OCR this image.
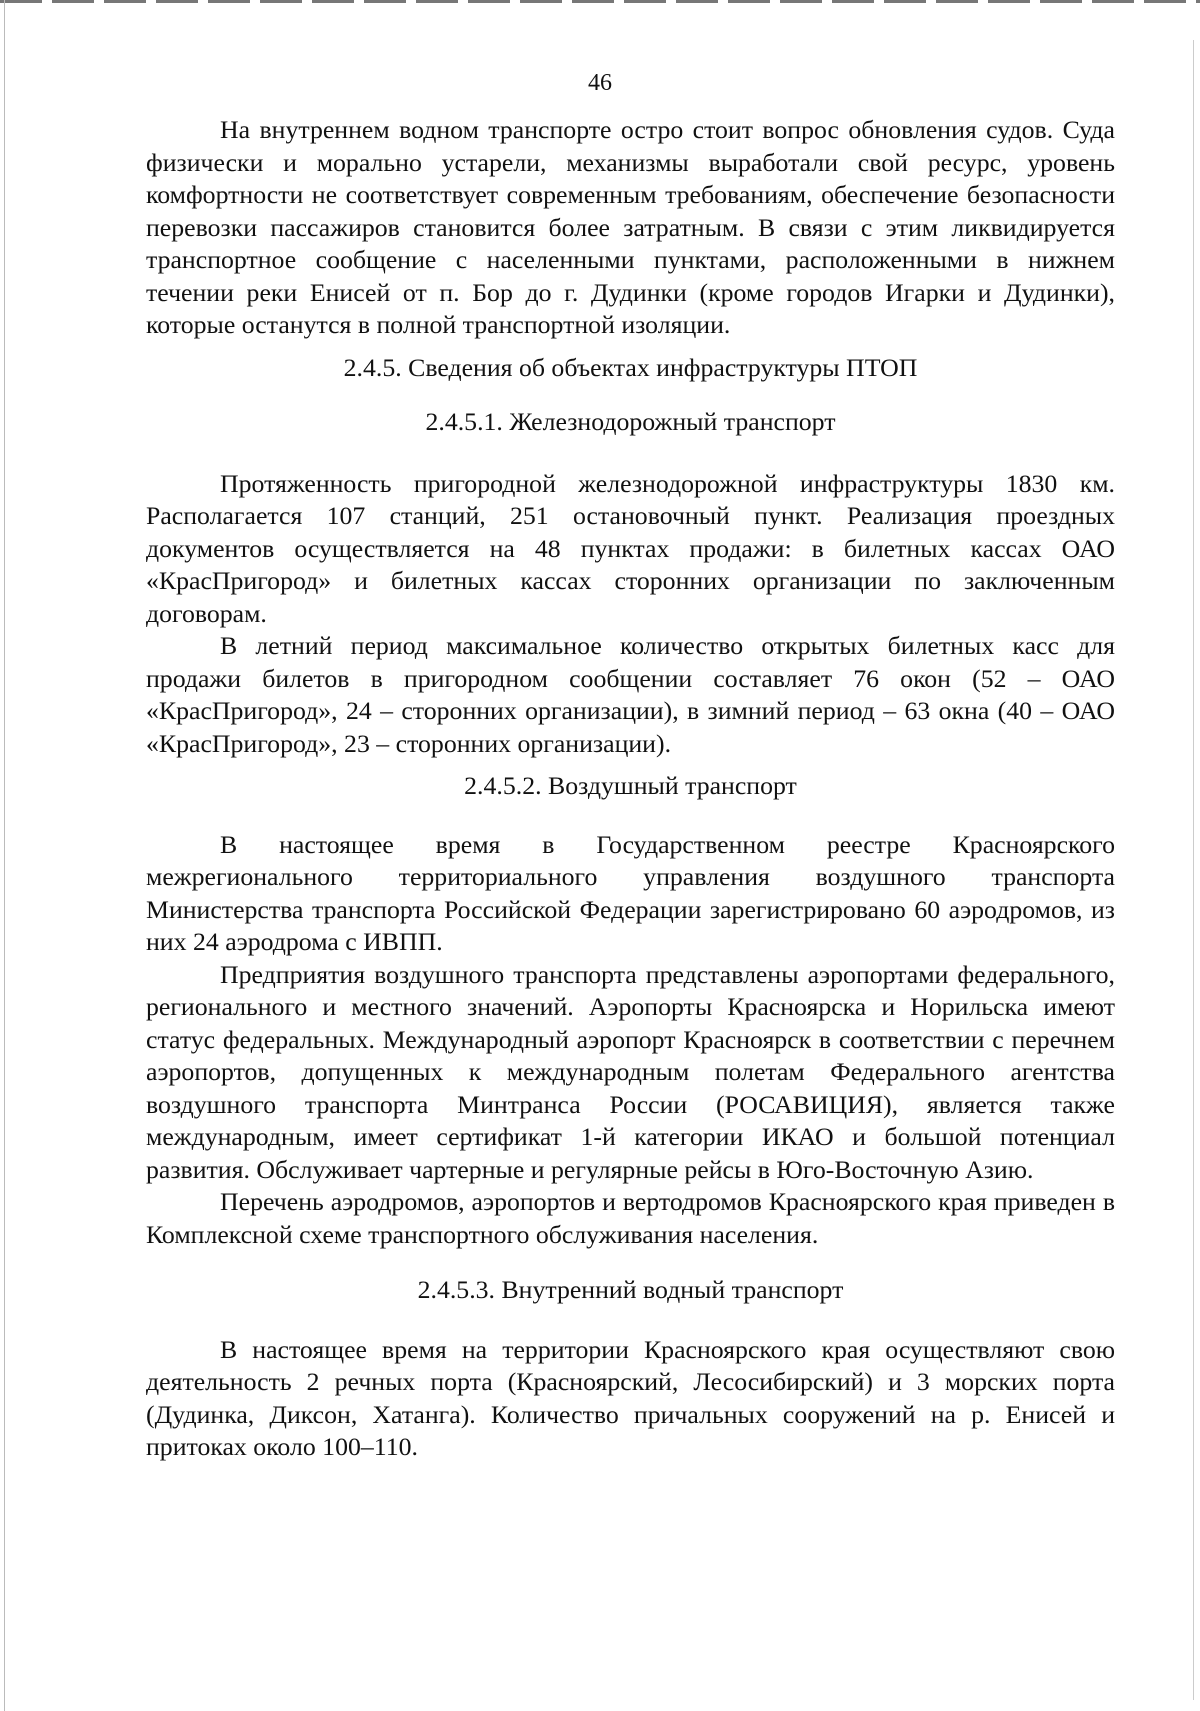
46

На внутреннем водном транспорте остро стоит вопрос обновления судов. Суда физически и морально устарели, механизмы выработали свой ресурс, уровень комфортности не соответствует современным требованиям, обеспечение безопасности перевозки пассажиров становится более затратным. В связи с этим ликвидируется транспортное сообщение с населенными пунктами, расположенными в нижнем течении реки Енисей от п. Бор до г. Дудинки (кроме городов Игарки и Дудинки), которые останутся в полной транспортной изоляции.

2.4.5. Сведения об объектах инфраструктуры ПТОП

2.4.5.1. Железнодорожный транспорт

Протяженность пригородной железнодорожной инфраструктуры 1830 км. Располагается 107 станций, 251 остановочный пункт. Реализация проездных документов осуществляется на 48 пунктах продажи: в билетных кассах ОАО «КрасПригород» и билетных кассах сторонних организации по заключенным договорам.

В летний период максимальное количество открытых билетных касс для продажи билетов в пригородном сообщении составляет 76 окон (52 – ОАО «КрасПригород», 24 – сторонних организации), в зимний период – 63 окна (40 – ОАО «КрасПригород», 23 – сторонних организации).

2.4.5.2. Воздушный транспорт

В настоящее время в Государственном реестре Красноярского межрегионального территориального управления воздушного транспорта Министерства транспорта Российской Федерации зарегистрировано 60 аэродромов, из них 24 аэродрома с ИВПП.

Предприятия воздушного транспорта представлены аэропортами федерального, регионального и местного значений. Аэропорты Красноярска и Норильска имеют статус федеральных. Международный аэропорт Красноярск в соответствии с перечнем аэропортов, допущенных к международным полетам Федерального агентства воздушного транспорта Минтранса России (РОСАВИЦИЯ), является также международным, имеет сертификат 1-й категории ИКАО и большой потенциал развития. Обслуживает чартерные и регулярные рейсы в Юго-Восточную Азию.

Перечень аэродромов, аэропортов и вертодромов Красноярского края приведен в Комплексной схеме транспортного обслуживания населения.

2.4.5.3. Внутренний водный транспорт

В настоящее время на территории Красноярского края осуществляют свою деятельность 2 речных порта (Красноярский, Лесосибирский) и 3 морских порта (Дудинка, Диксон, Хатанга). Количество причальных сооружений на р. Енисей и притоках около 100–110.
